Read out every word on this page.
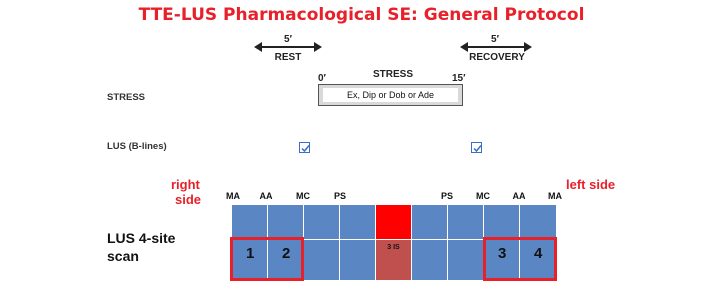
TTE-LUS Pharmacological SE: General Protocol
5′
REST
5′
RECOVERY
STRESS
0′	15′
Ex, Dip or Dob or Ade
STRESS
LUS (B-lines)
right
side
left side
MA	AA	MC	PS	PS	MC	AA	MA
LUS 4-site
scan
3 IS
1 2	3 4
